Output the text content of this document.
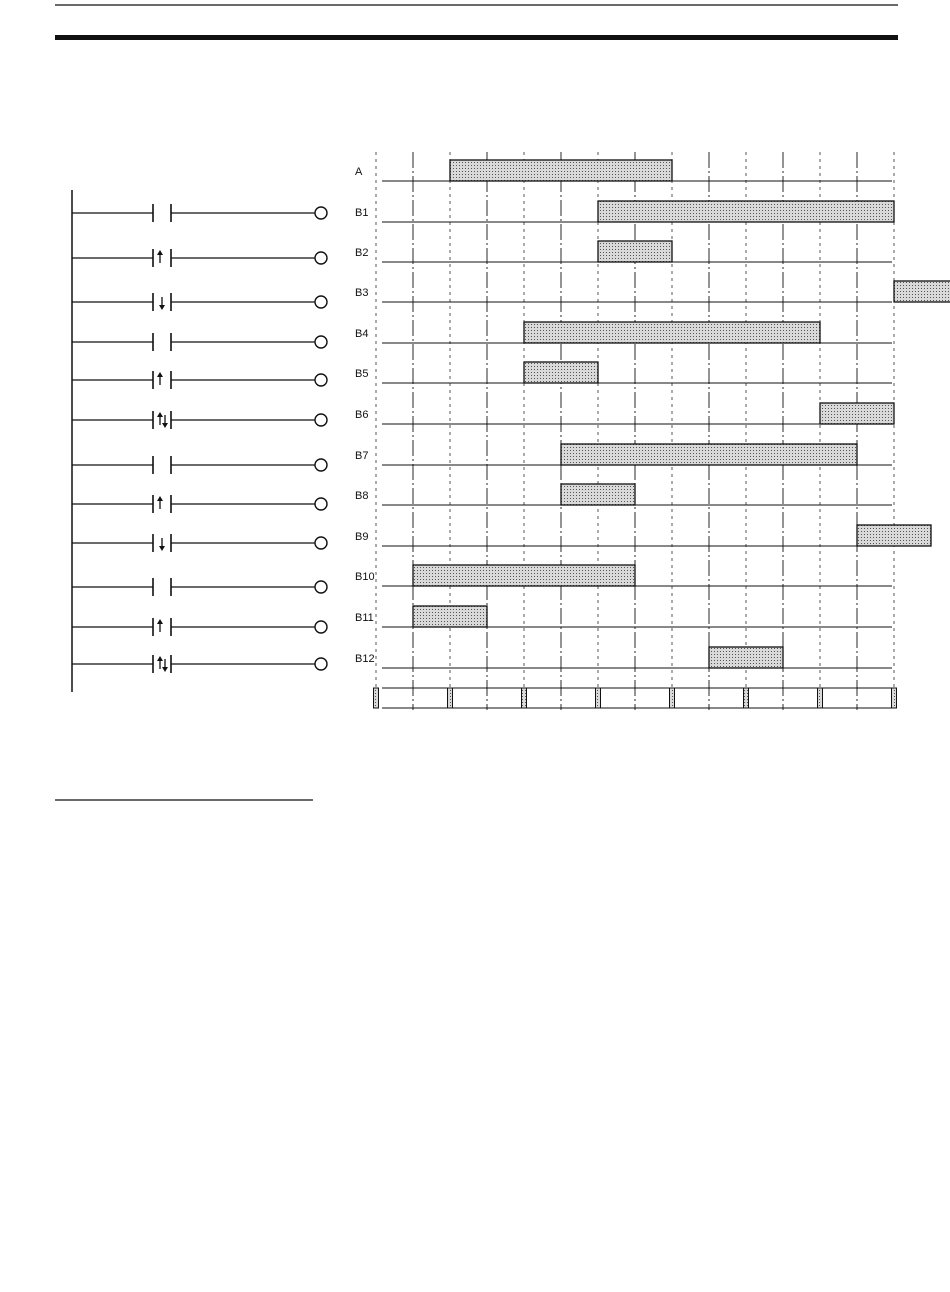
A
B1
B2
B3
B4
B5
B6
B7
B8
B9
B10
B11
B12
